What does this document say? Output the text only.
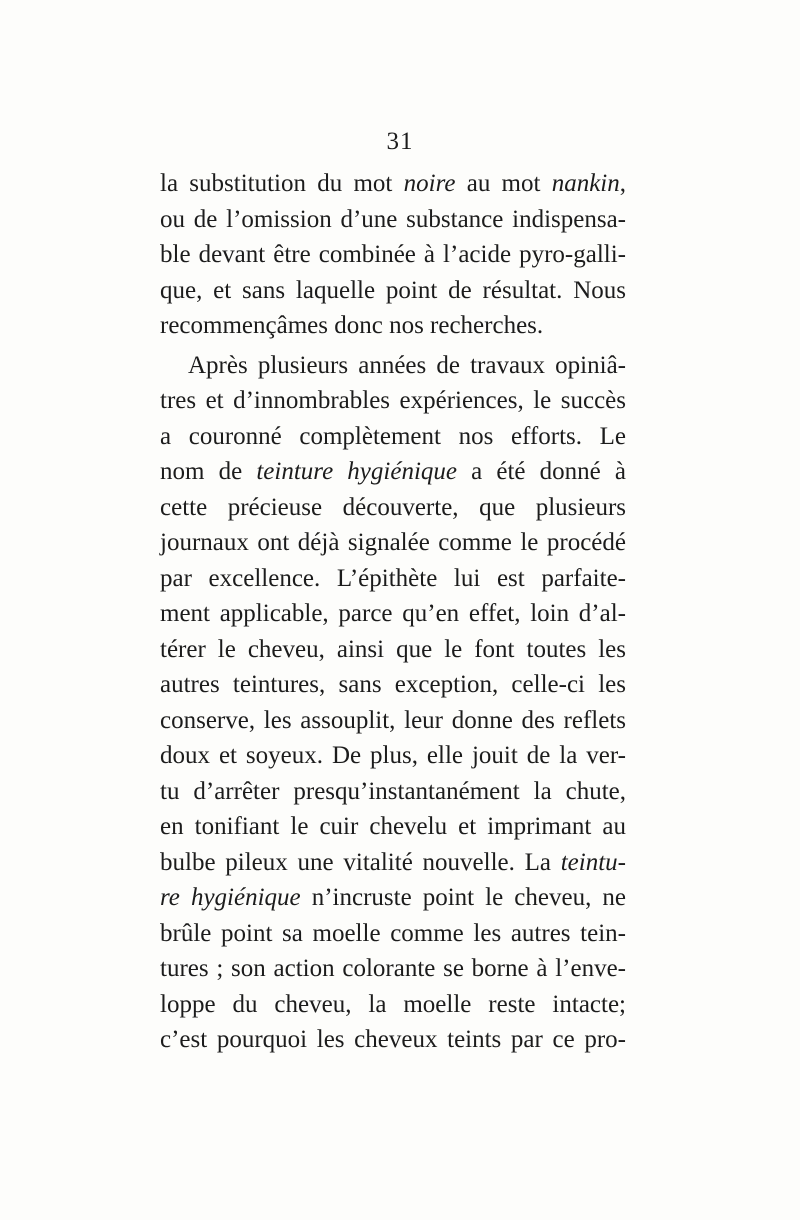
31
la substitution du mot noire au mot nankin,
ou de l’omission d’une substance indispensa-
ble devant être combinée à l’acide pyro-galli-
que, et sans laquelle point de résultat. Nous
recommençâmes donc nos recherches.
Après plusieurs années de travaux opiniâ-
tres et d’innombrables expériences, le succès
a couronné complètement nos efforts. Le
nom de teinture hygiénique a été donné à
cette précieuse découverte, que plusieurs
journaux ont déjà signalée comme le procédé
par excellence. L’épithète lui est parfaite-
ment applicable, parce qu’en effet, loin d’al-
térer le cheveu, ainsi que le font toutes les
autres teintures, sans exception, celle-ci les
conserve, les assouplit, leur donne des reflets
doux et soyeux. De plus, elle jouit de la ver-
tu d’arrêter presqu’instantanément la chute,
en tonifiant le cuir chevelu et imprimant au
bulbe pileux une vitalité nouvelle. La teintu-
re hygiénique n’incruste point le cheveu, ne
brûle point sa moelle comme les autres tein-
tures ; son action colorante se borne à l’enve-
loppe du cheveu, la moelle reste intacte;
c’est pourquoi les cheveux teints par ce pro-
